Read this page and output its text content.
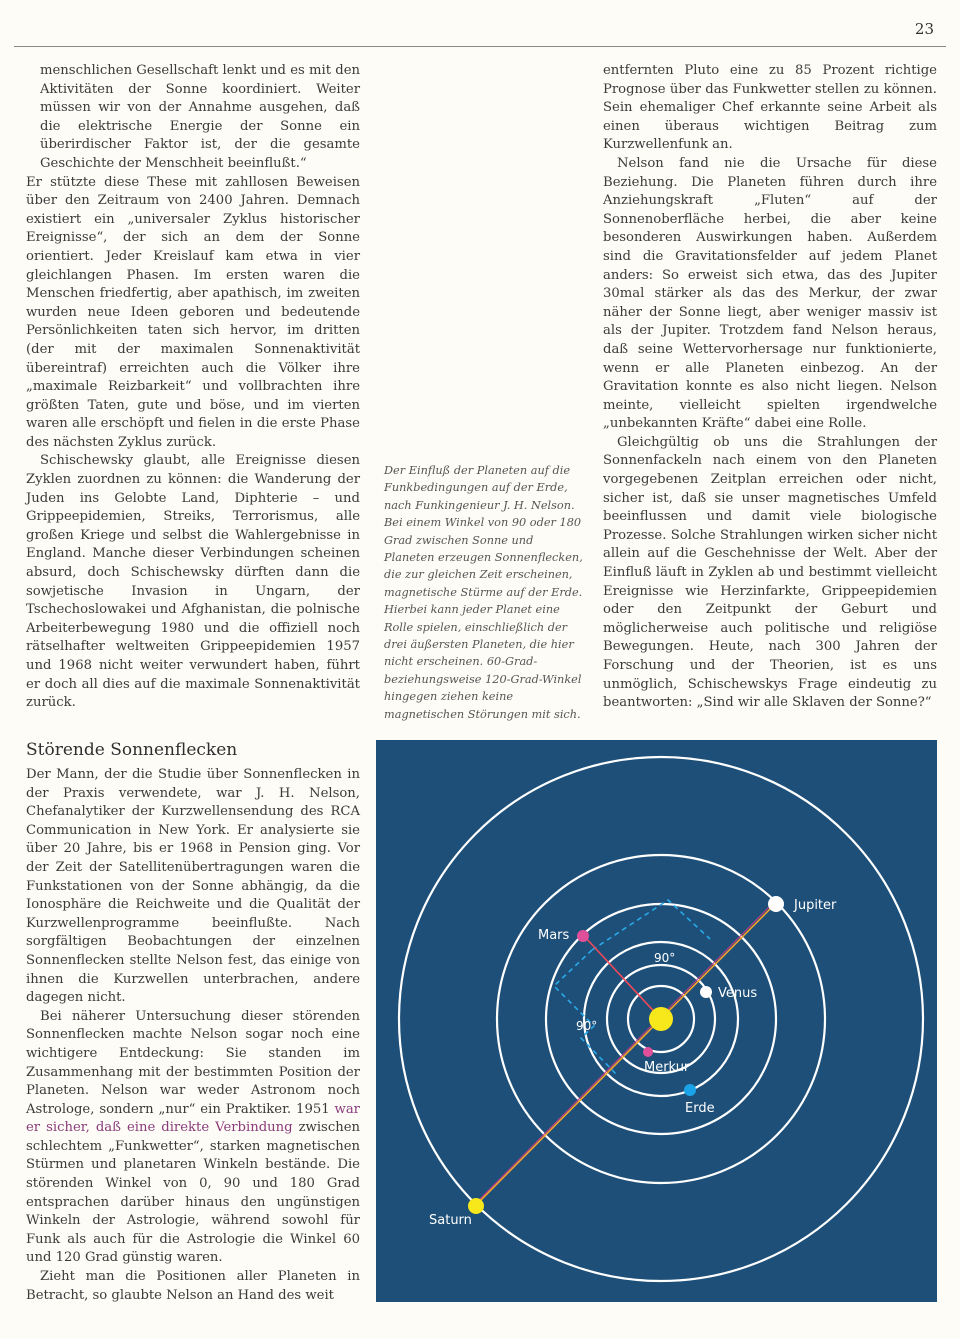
23

menschlichen Gesellschaft lenkt und es mit den Aktivitäten der Sonne koordiniert. Weiter müssen wir von der Annahme ausgehen, daß die elektrische Energie der Sonne ein überirdischer Faktor ist, der die gesamte Geschichte der Menschheit beeinflußt.“

Er stützte diese These mit zahllosen Beweisen über den Zeitraum von 2400 Jahren. Demnach existiert ein „universaler Zyklus historischer Ereignisse“, der sich an dem der Sonne orientiert. Jeder Kreislauf kam etwa in vier gleichlangen Phasen. Im ersten waren die Menschen friedfertig, aber apathisch, im zweiten wurden neue Ideen geboren und bedeutende Persönlichkeiten taten sich hervor, im dritten (der mit der maximalen Sonnenaktivität übereintraf) erreichten auch die Völker ihre „maximale Reizbarkeit“ und vollbrachten ihre größten Taten, gute und böse, und im vierten waren alle erschöpft und fielen in die erste Phase des nächsten Zyklus zurück.

Schischewsky glaubt, alle Ereignisse diesen Zyklen zuordnen zu können: die Wanderung der Juden ins Gelobte Land, Diphterie – und Grippeepidemien, Streiks, Terrorismus, alle großen Kriege und selbst die Wahlergebnisse in England. Manche dieser Verbindungen scheinen absurd, doch Schischewsky dürften dann die sowjetische Invasion in Ungarn, der Tschechoslowakei und Afghanistan, die polnische Arbeiterbewegung 1980 und die offiziell noch rätselhafter weltweiten Grippeepidemien 1957 und 1968 nicht weiter verwundert haben, führt er doch all dies auf die maximale Sonnenaktivität zurück.

Der Einfluß der Planeten auf die Funkbedingungen auf der Erde, nach Funkingenieur J. H. Nelson. Bei einem Winkel von 90 oder 180 Grad zwischen Sonne und Planeten erzeugen Sonnenflecken, die zur gleichen Zeit erscheinen, magnetische Stürme auf der Erde. Hierbei kann jeder Planet eine Rolle spielen, einschließlich der drei äußersten Planeten, die hier nicht erscheinen. 60-Grad-beziehungsweise 120-Grad-Winkel hingegen ziehen keine magnetischen Störungen mit sich.

entfernten Pluto eine zu 85 Prozent richtige Prognose über das Funkwetter stellen zu können. Sein ehemaliger Chef erkannte seine Arbeit als einen überaus wichtigen Beitrag zum Kurzwellenfunk an.

Nelson fand nie die Ursache für diese Beziehung. Die Planeten führen durch ihre Anziehungskraft „Fluten“ auf der Sonnenoberfläche herbei, die aber keine besonderen Auswirkungen haben. Außerdem sind die Gravitationsfelder auf jedem Planet anders: So erweist sich etwa, das des Jupiter 30mal stärker als das des Merkur, der zwar näher der Sonne liegt, aber weniger massiv ist als der Jupiter. Trotzdem fand Nelson heraus, daß seine Wettervorhersage nur funktionierte, wenn er alle Planeten einbezog. An der Gravitation konnte es also nicht liegen. Nelson meinte, vielleicht spielten irgendwelche „unbekannten Kräfte“ dabei eine Rolle.

Gleichgültig ob uns die Strahlungen der Sonnenfackeln nach einem von den Planeten vorgegebenen Zeitplan erreichen oder nicht, sicher ist, daß sie unser magnetisches Umfeld beeinflussen und damit viele biologische Prozesse. Solche Strahlungen wirken sicher nicht allein auf die Geschehnisse der Welt. Aber der Einfluß läuft in Zyklen ab und bestimmt vielleicht Ereignisse wie Herzinfarkte, Grippeepidemien oder den Zeitpunkt der Geburt und möglicherweise auch politische und religiöse Bewegungen. Heute, nach 300 Jahren der Forschung und der Theorien, ist es uns unmöglich, Schischewskys Frage eindeutig zu beantworten: „Sind wir alle Sklaven der Sonne?“

Störende Sonnenflecken

Der Mann, der die Studie über Sonnenflecken in der Praxis verwendete, war J. H. Nelson, Chefanalytiker der Kurzwellensendung des RCA Communication in New York. Er analysierte sie über 20 Jahre, bis er 1968 in Pension ging. Vor der Zeit der Satellitenübertragungen waren die Funkstationen von der Sonne abhängig, da die Ionosphäre die Reichweite und die Qualität der Kurzwellenprogramme beeinflußte. Nach sorgfältigen Beobachtungen der einzelnen Sonnenflecken stellte Nelson fest, das einige von ihnen die Kurzwellen unterbrachen, andere dagegen nicht.

Bei näherer Untersuchung dieser störenden Sonnenflecken machte Nelson sogar noch eine wichtigere Entdeckung: Sie standen im Zusammenhang mit der bestimmten Position der Planeten. Nelson war weder Astronom noch Astrologe, sondern „nur“ ein Praktiker. 1951 war er sicher, daß eine direkte Verbindung zwischen schlechtem „Funkwetter“, starken magnetischen Stürmen und planetaren Winkeln bestände. Die störenden Winkel von 0, 90 und 180 Grad entsprachen darüber hinaus den ungünstigen Winkeln der Astrologie, während sowohl für Funk als auch für die Astrologie die Winkel 60 und 120 Grad günstig waren.

Zieht man die Positionen aller Planeten in Betracht, so glaubte Nelson an Hand des weit

Merkur
Venus
Erde
Mars
Jupiter
Saturn
90°
90°
